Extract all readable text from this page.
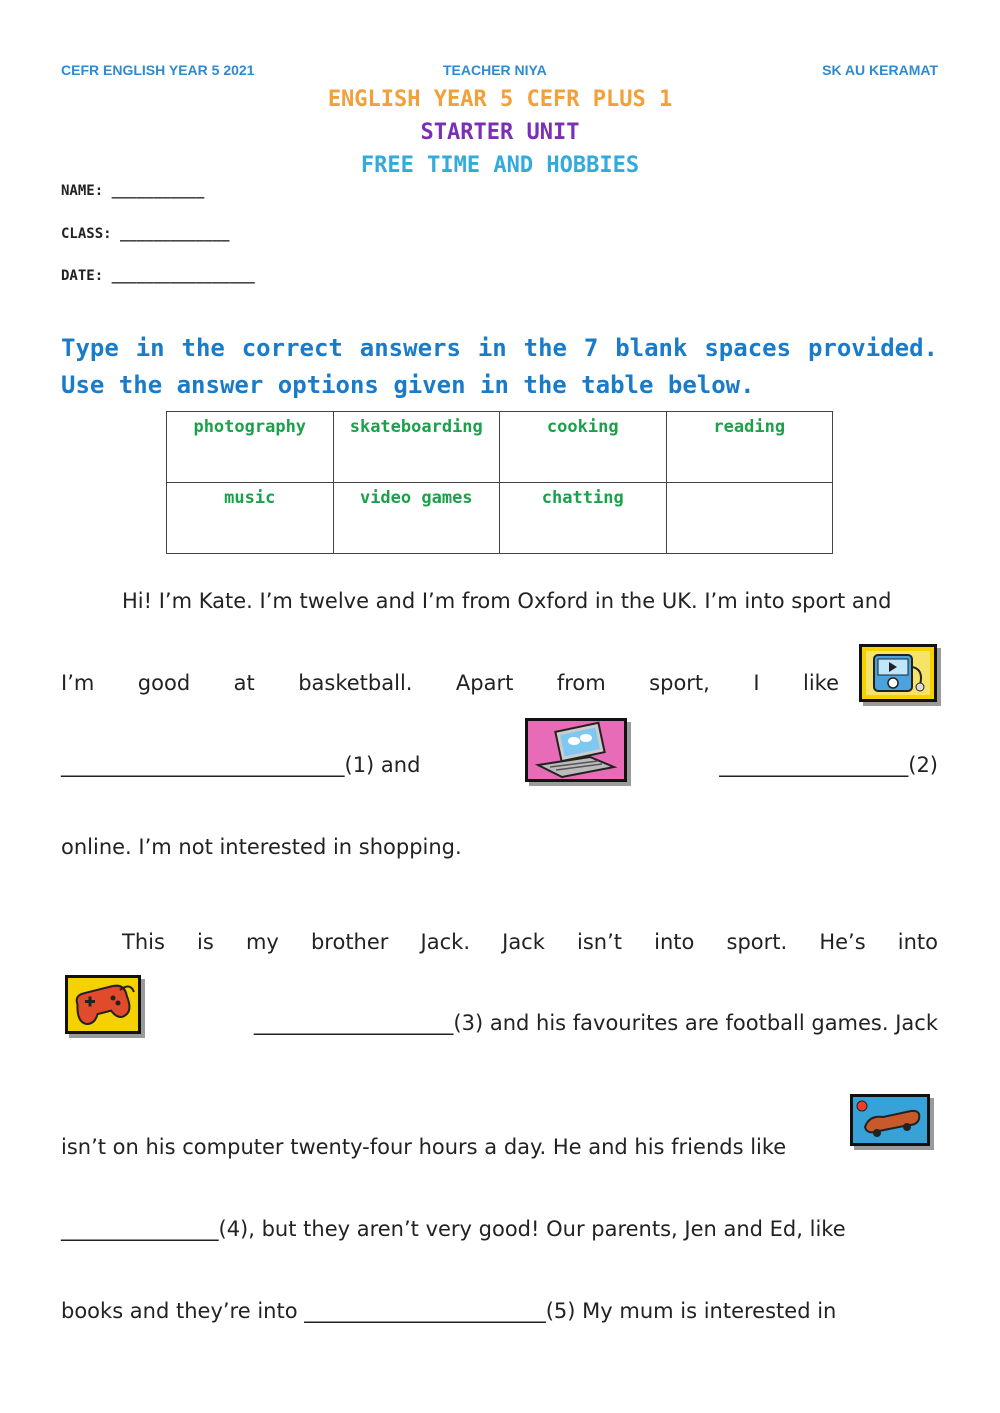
CEFR ENGLISH YEAR 5 2021	TEACHER NIYA	SK AU KERAMAT
ENGLISH YEAR 5 CEFR PLUS 1
STARTER UNIT
FREE TIME AND HOBBIES
NAME: ___________
CLASS: _____________
DATE: _________________
Type in the correct answers in the 7 blank spaces provided. Use the answer options given in the table below.
photography	skateboarding	cooking	reading
music	video games	chatting	
Hi! I’m Kate. I’m twelve and I’m from Oxford in the UK. I’m into sport and
I’m good at basketball. Apart from sport, I like
___________________________(1) and	__________________(2)
online. I’m not interested in shopping.
This is my brother Jack. Jack isn’t into sport. He’s into
___________________(3) and his favourites are football games. Jack
isn’t on his computer twenty-four hours a day. He and his friends like
_______________(4), but they aren’t very good! Our parents, Jen and Ed, like
books and they’re into _______________________(5) My mum is interested in
